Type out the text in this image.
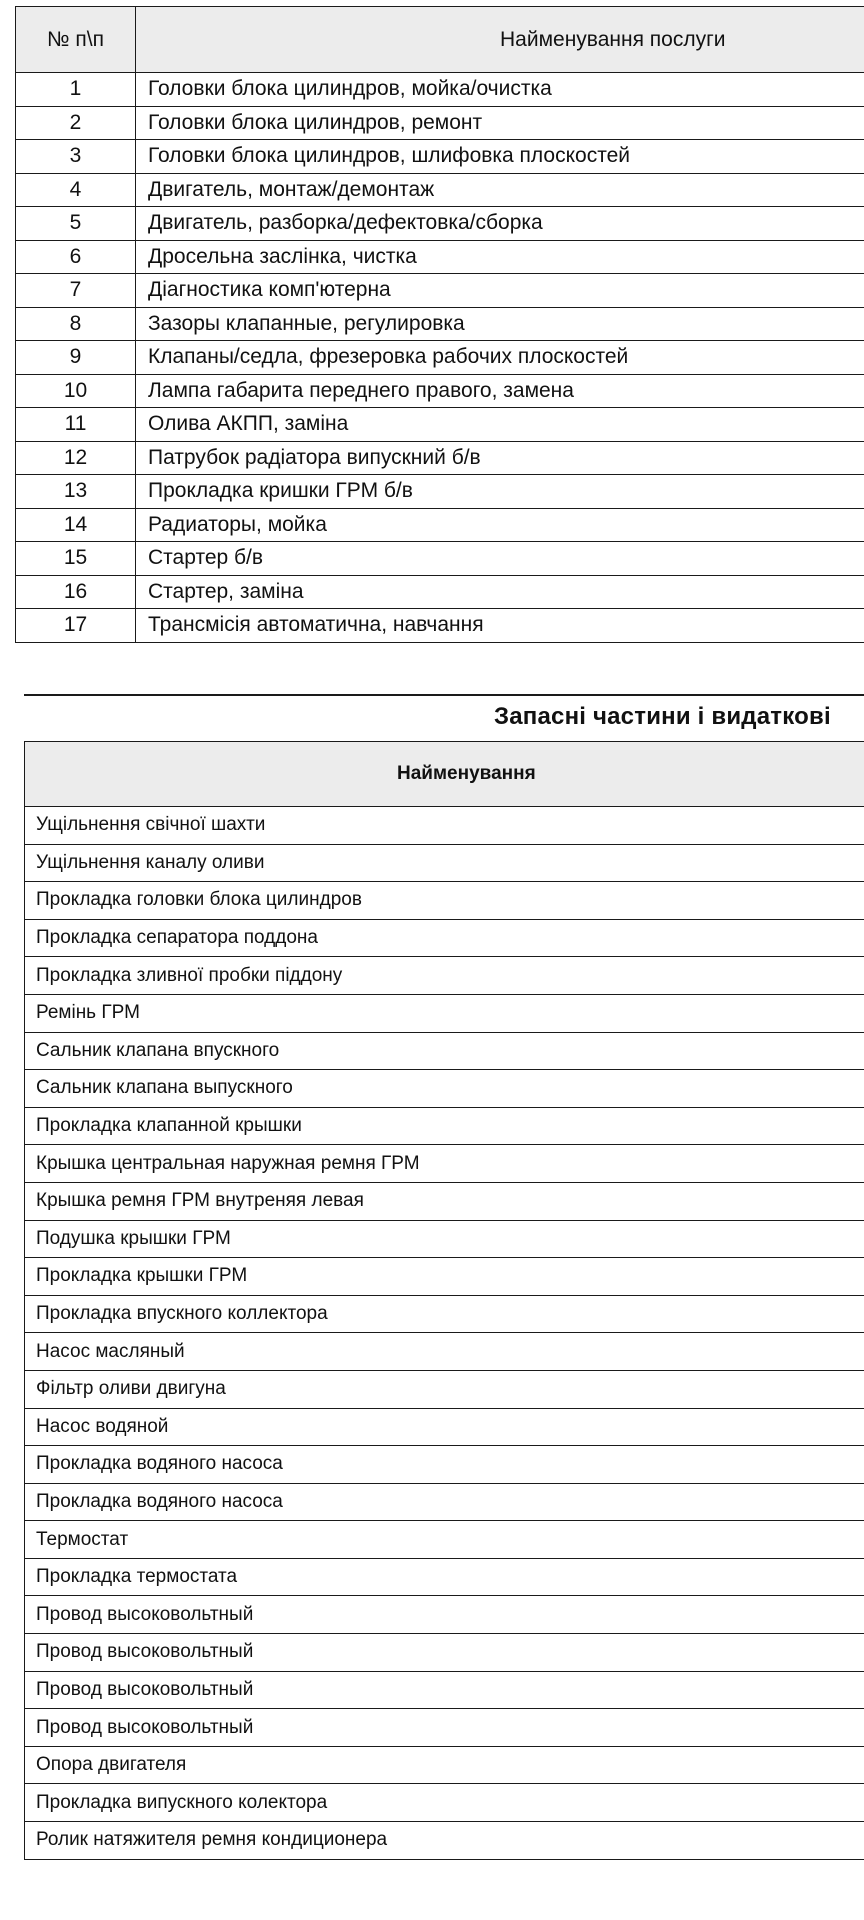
№ п\п	Найменування послуги
1	Головки блока цилиндров, мойка/очистка
2	Головки блока цилиндров, ремонт
3	Головки блока цилиндров, шлифовка плоскостей
4	Двигатель, монтаж/демонтаж
5	Двигатель, разборка/дефектовка/сборка
6	Дросельна заслінка, чистка
7	Діагностика комп'ютерна
8	Зазоры клапанные, регулировка
9	Клапаны/седла, фрезеровка рабочих плоскостей
10	Лампа габарита переднего правого, замена
11	Олива АКПП, заміна
12	Патрубок радіатора випускний б/в
13	Прокладка кришки ГРМ б/в
14	Радиаторы, мойка
15	Стартер б/в
16	Стартер, заміна
17	Трансмісія автоматична, навчання
Запасні частини і видаткові
Найменування
Ущільнення свічної шахти
Ущільнення каналу оливи
Прокладка головки блока цилиндров
Прокладка сепаратора поддона
Прокладка зливної пробки піддону
Ремінь ГРМ
Сальник клапана впускного
Сальник клапана выпускного
Прокладка клапанной крышки
Крышка центральная наружная ремня ГРМ
Крышка ремня ГРМ внутреняя левая
Подушка крышки ГРМ
Прокладка крышки ГРМ
Прокладка впускного коллектора
Насос масляный
Фільтр оливи двигуна
Насос водяной
Прокладка водяного насоса
Прокладка водяного насоса
Термостат
Прокладка термостата
Провод высоковольтный
Провод высоковольтный
Провод высоковольтный
Провод высоковольтный
Опора двигателя
Прокладка випускного колектора
Ролик натяжителя ремня кондиционера
